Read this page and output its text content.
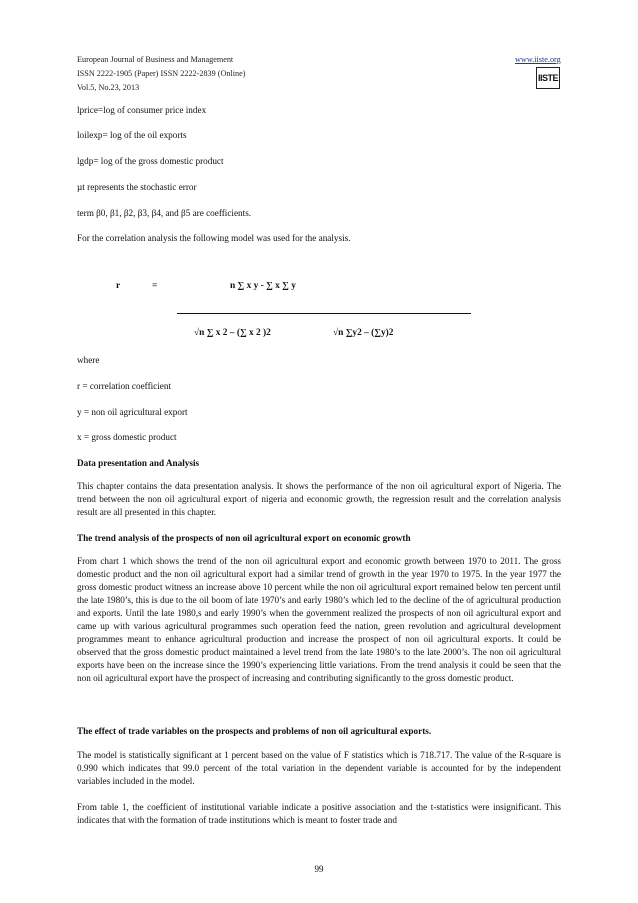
European Journal of Business and Management
ISSN 2222-1905 (Paper) ISSN 2222-2839 (Online)
Vol.5, No.23, 2013
www.iiste.org
IISTE
lprice=log of consumer price index
loilexp= log of the oil exports
lgdp= log of the gross domestic product
µt represents the stochastic error
term β0, β1, β2, β3, β4, and β5 are coefficients.
For the correlation analysis the following model was used for the analysis.
r	=	n ∑ x y - ∑ x ∑ y
√n ∑ x 2 – (∑ x 2 )2	√n ∑y2 – (∑y)2
where
r = correlation coefficient
y = non oil agricultural export
x = gross domestic product
Data presentation and Analysis
This chapter contains the data presentation analysis. It shows the performance of the non oil agricultural export of Nigeria. The trend between the non oil agricultural export of nigeria and economic growth, the regression result and the correlation analysis result are all presented in this chapter.
The trend analysis of the prospects of non oil agricultural export on economic growth
From chart 1 which shows the trend of the non oil agricultural export and economic growth between 1970 to 2011. The gross domestic product and the non oil agricultural export had a similar trend of growth in the year 1970 to 1975. In the year 1977 the gross domestic product witness an increase above 10 percent while the non oil agricultural export remained below ten percent until the late 1980’s, this is due to the oil boom of late 1970’s and early 1980’s which led to the decline of the of agricultural production and exports. Until the late 1980,s and early 1990’s when the government realized the prospects of non oil agricultural export and came up with various agricultural programmes such operation feed the nation, green revolution and agricultural development programmes meant to enhance agricultural production and increase the prospect of non oil agricultural exports. It could be observed that the gross domestic product maintained a level trend from the late 1980’s to the late 2000’s. The non oil agricultural exports have been on the increase since the 1990’s experiencing little variations. From the trend analysis it could be seen that the non oil agricultural export have the prospect of increasing and contributing significantly to the gross domestic product.
The effect of trade variables on the prospects and problems of non oil agricultural exports.
The model is statistically significant at 1 percent based on the value of F statistics which is 718.717. The value of the R-square is 0.990 which indicates that 99.0 percent of the total variation in the dependent variable is accounted for by the independent variables included in the model.
From table 1, the coefficient of institutional variable indicate a positive association and the t-statistics were insignificant. This indicates that with the formation of trade institutions which is meant to foster trade and
99
